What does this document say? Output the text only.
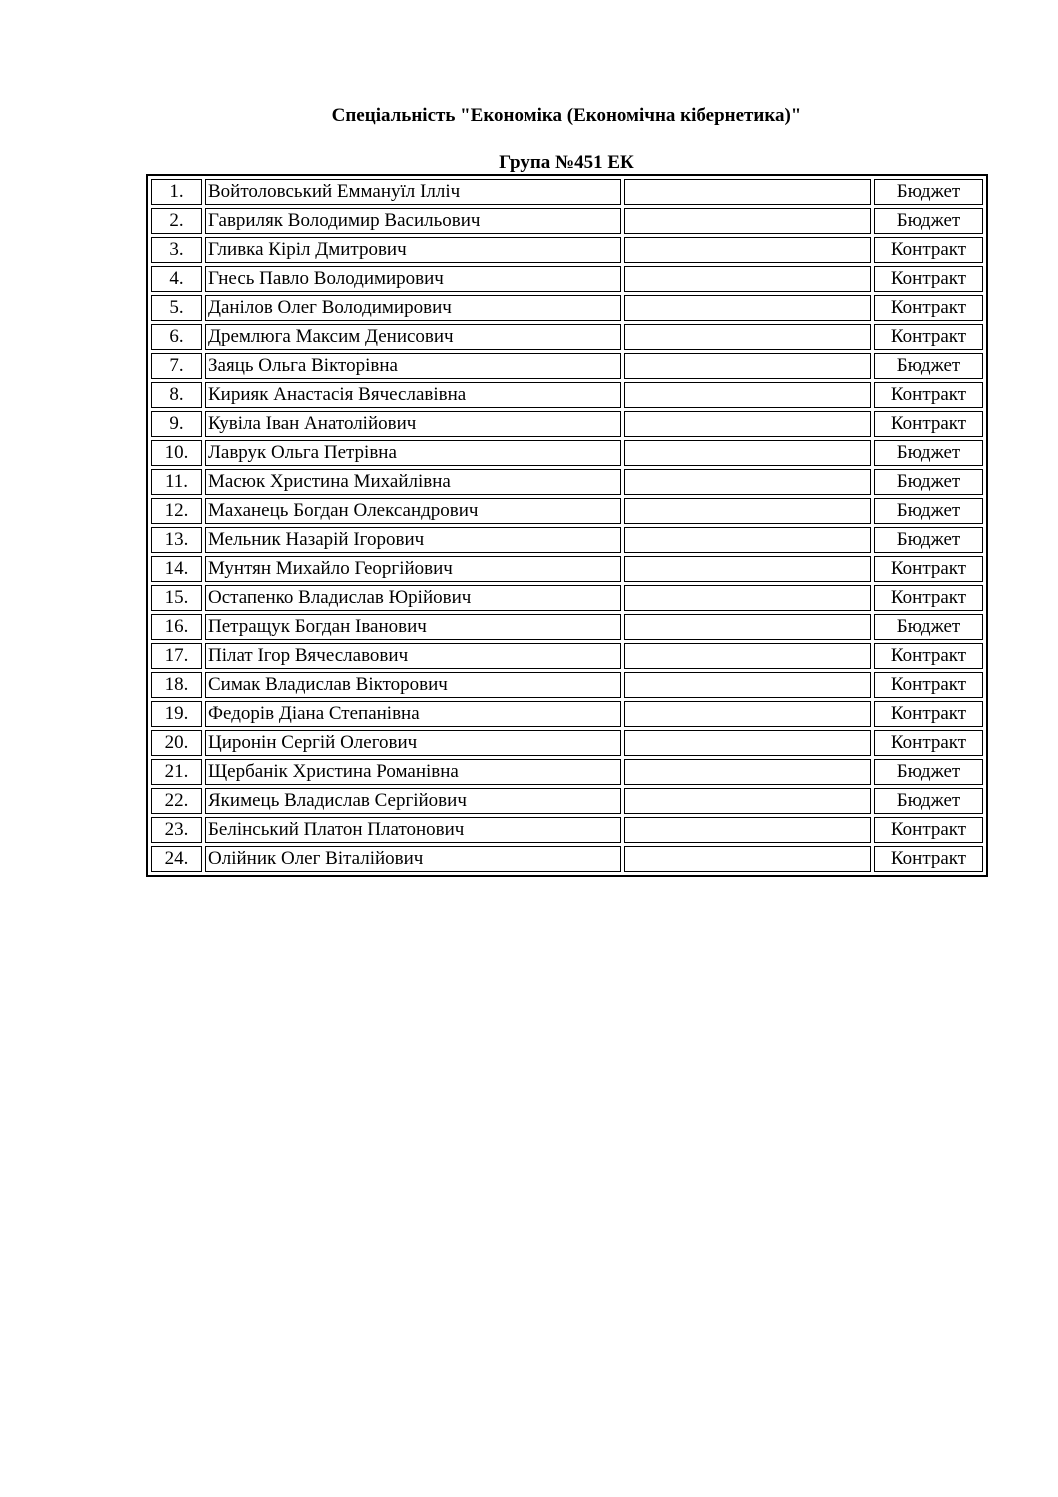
Спеціальність "Економіка (Економічна кібернетика)"
Група №451 ЕК
1.	Войтоловський Еммануїл Ілліч		Бюджет
2.	Гавриляк Володимир Васильович		Бюджет
3.	Гливка Кіріл Дмитрович		Контракт
4.	Гнесь Павло Володимирович		Контракт
5.	Данілов Олег Володимирович		Контракт
6.	Дремлюга Максим Денисович		Контракт
7.	Заяць Ольга Вікторівна		Бюджет
8.	Кирияк Анастасія Вячеславівна		Контракт
9.	Кувіла Іван Анатолійович		Контракт
10.	Лаврук Ольга Петрівна		Бюджет
11.	Масюк Христина Михайлівна		Бюджет
12.	Маханець Богдан Олександрович		Бюджет
13.	Мельник Назарій Ігорович		Бюджет
14.	Мунтян Михайло Георгійович		Контракт
15.	Остапенко Владислав Юрійович		Контракт
16.	Петращук Богдан Іванович		Бюджет
17.	Пілат Ігор Вячеславович		Контракт
18.	Симак Владислав Вікторович		Контракт
19.	Федорів Діана Степанівна		Контракт
20.	Циронін Сергій Олегович		Контракт
21.	Щербанік Христина Романівна		Бюджет
22.	Якимець Владислав Сергійович		Бюджет
23.	Белінський Платон Платонович		Контракт
24.	Олійник Олег Віталійович		Контракт
